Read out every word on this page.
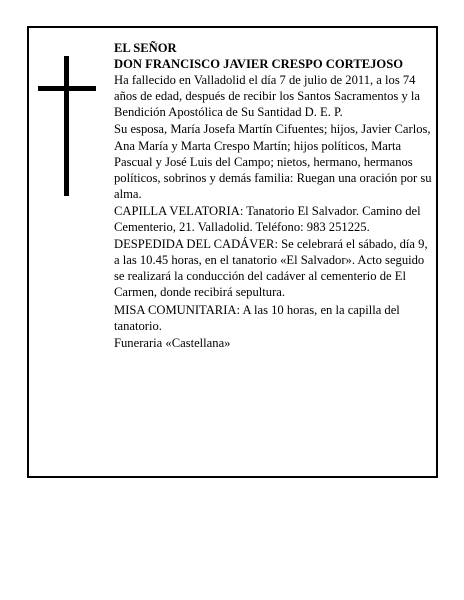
EL SEÑOR
DON FRANCISCO JAVIER CRESPO CORTEJOSO

Ha fallecido en Valladolid el día 7 de julio de 2011, a los 74 años de edad, después de recibir los Santos Sacramentos y la Bendición Apostólica de Su Santidad D. E. P.

Su esposa, María Josefa Martín Cifuentes; hijos, Javier Carlos, Ana María y Marta Crespo Martín; hijos políticos, Marta Pascual y José Luis del Campo; nietos, hermano, hermanos políticos, sobrinos y demás familia: Ruegan una oración por su alma.

CAPILLA VELATORIA: Tanatorio El Salvador. Camino del Cementerio, 21. Valladolid. Teléfono: 983 251225.

DESPEDIDA DEL CADÁVER: Se celebrará el sábado, día 9, a las 10.45 horas, en el tanatorio «El Salvador». Acto seguido se realizará la conducción del cadáver al cementerio de El Carmen, donde recibirá sepultura.

MISA COMUNITARIA: A las 10 horas, en la capilla del tanatorio.

Funeraria «Castellana»
